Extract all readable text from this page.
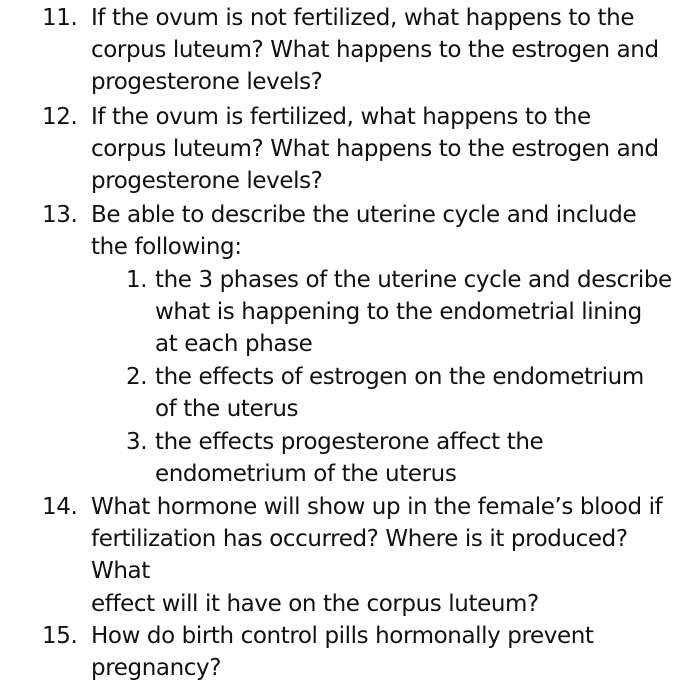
11. If the ovum is not fertilized, what happens to the
corpus luteum? What happens to the estrogen and
progesterone levels?
12. If the ovum is fertilized, what happens to the
corpus luteum? What happens to the estrogen and
progesterone levels?
13. Be able to describe the uterine cycle and include
the following:
1. the 3 phases of the uterine cycle and describe
what is happening to the endometrial lining
at each phase
2. the effects of estrogen on the endometrium
of the uterus
3. the effects progesterone affect the
endometrium of the uterus
14. What hormone will show up in the female’s blood if
fertilization has occurred? Where is it produced?
What
effect will it have on the corpus luteum?
15. How do birth control pills hormonally prevent
pregnancy?
